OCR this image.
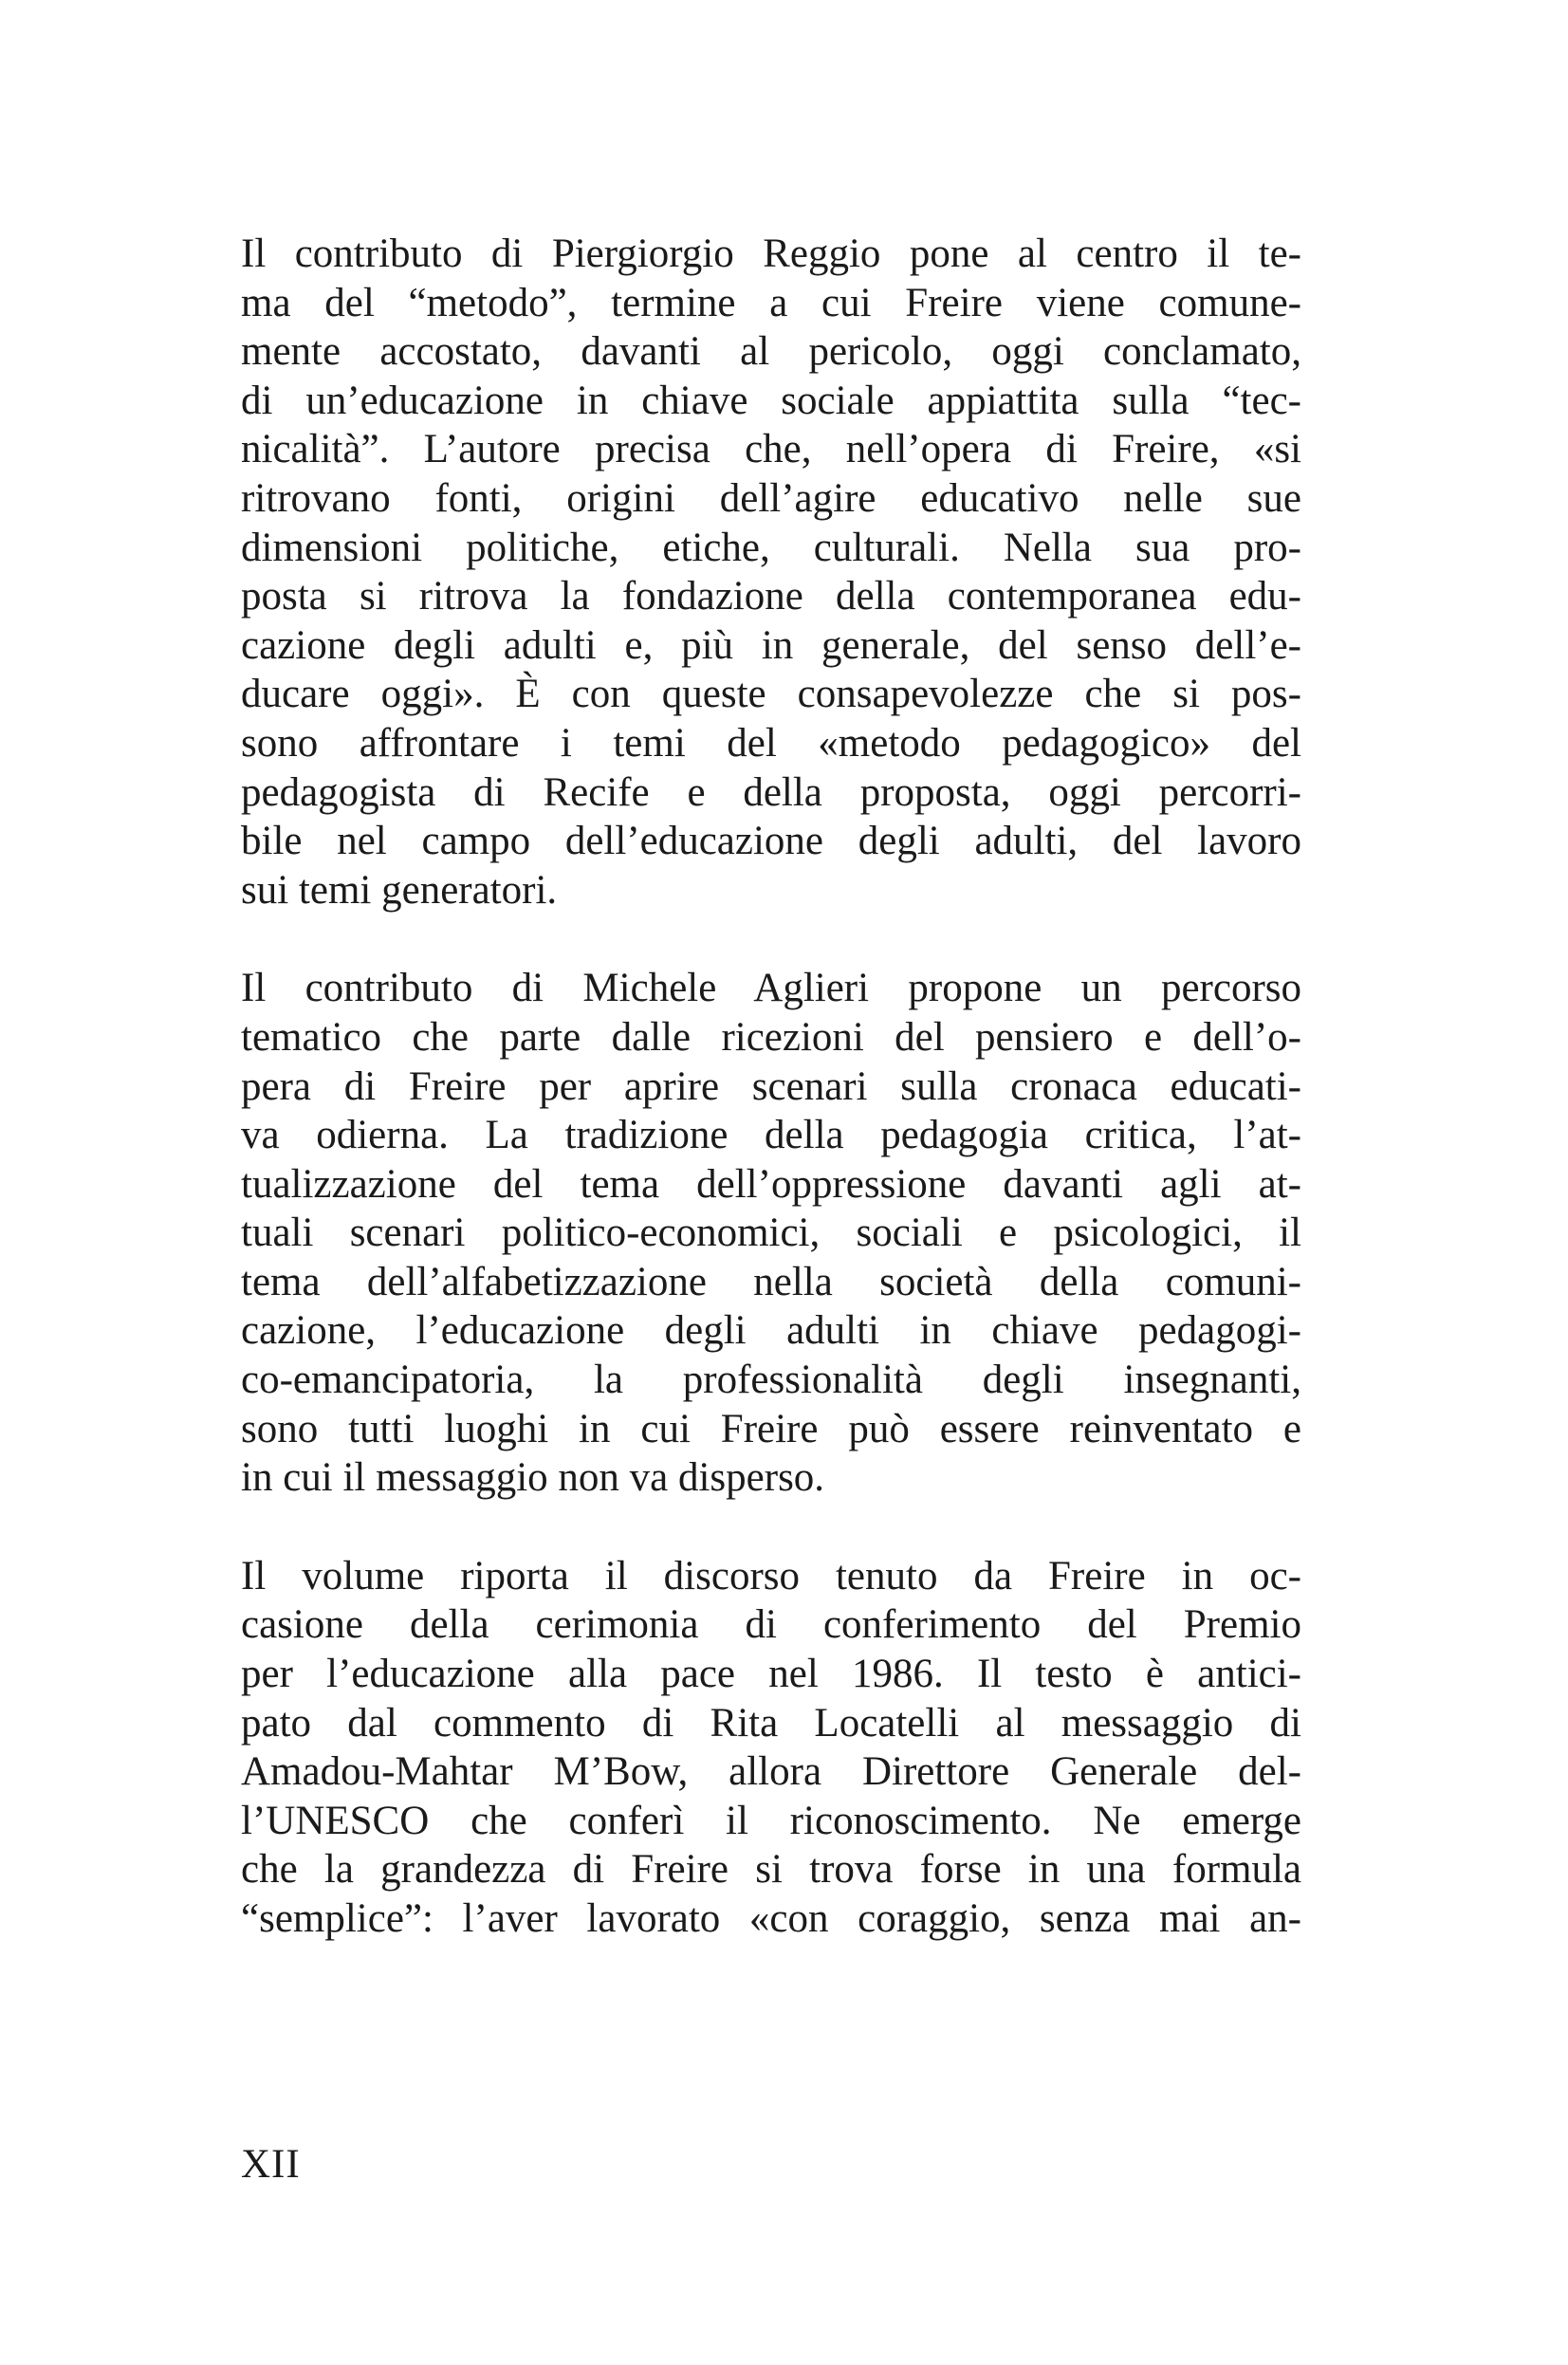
Il contributo di Piergiorgio Reggio pone al centro il te-
ma del “metodo”, termine a cui Freire viene comune-
mente accostato, davanti al pericolo, oggi conclamato,
di un’educazione in chiave sociale appiattita sulla “tec-
nicalità”. L’autore precisa che, nell’opera di Freire, «si
ritrovano fonti, origini dell’agire educativo nelle sue
dimensioni politiche, etiche, culturali. Nella sua pro-
posta si ritrova la fondazione della contemporanea edu-
cazione degli adulti e, più in generale, del senso dell’e-
ducare oggi». È con queste consapevolezze che si pos-
sono affrontare i temi del «metodo pedagogico» del
pedagogista di Recife e della proposta, oggi percorri-
bile nel campo dell’educazione degli adulti, del lavoro
sui temi generatori.

Il contributo di Michele Aglieri propone un percorso
tematico che parte dalle ricezioni del pensiero e dell’o-
pera di Freire per aprire scenari sulla cronaca educati-
va odierna. La tradizione della pedagogia critica, l’at-
tualizzazione del tema dell’oppressione davanti agli at-
tuali scenari politico-economici, sociali e psicologici, il
tema dell’alfabetizzazione nella società della comuni-
cazione, l’educazione degli adulti in chiave pedagogi-
co-emancipatoria, la professionalità degli insegnanti,
sono tutti luoghi in cui Freire può essere reinventato e
in cui il messaggio non va disperso.

Il volume riporta il discorso tenuto da Freire in oc-
casione della cerimonia di conferimento del Premio
per l’educazione alla pace nel 1986. Il testo è antici-
pato dal commento di Rita Locatelli al messaggio di
Amadou-Mahtar M’Bow, allora Direttore Generale del-
l’UNESCO che conferì il riconoscimento. Ne emerge
che la grandezza di Freire si trova forse in una formula
“semplice”: l’aver lavorato «con coraggio, senza mai an-

XII
